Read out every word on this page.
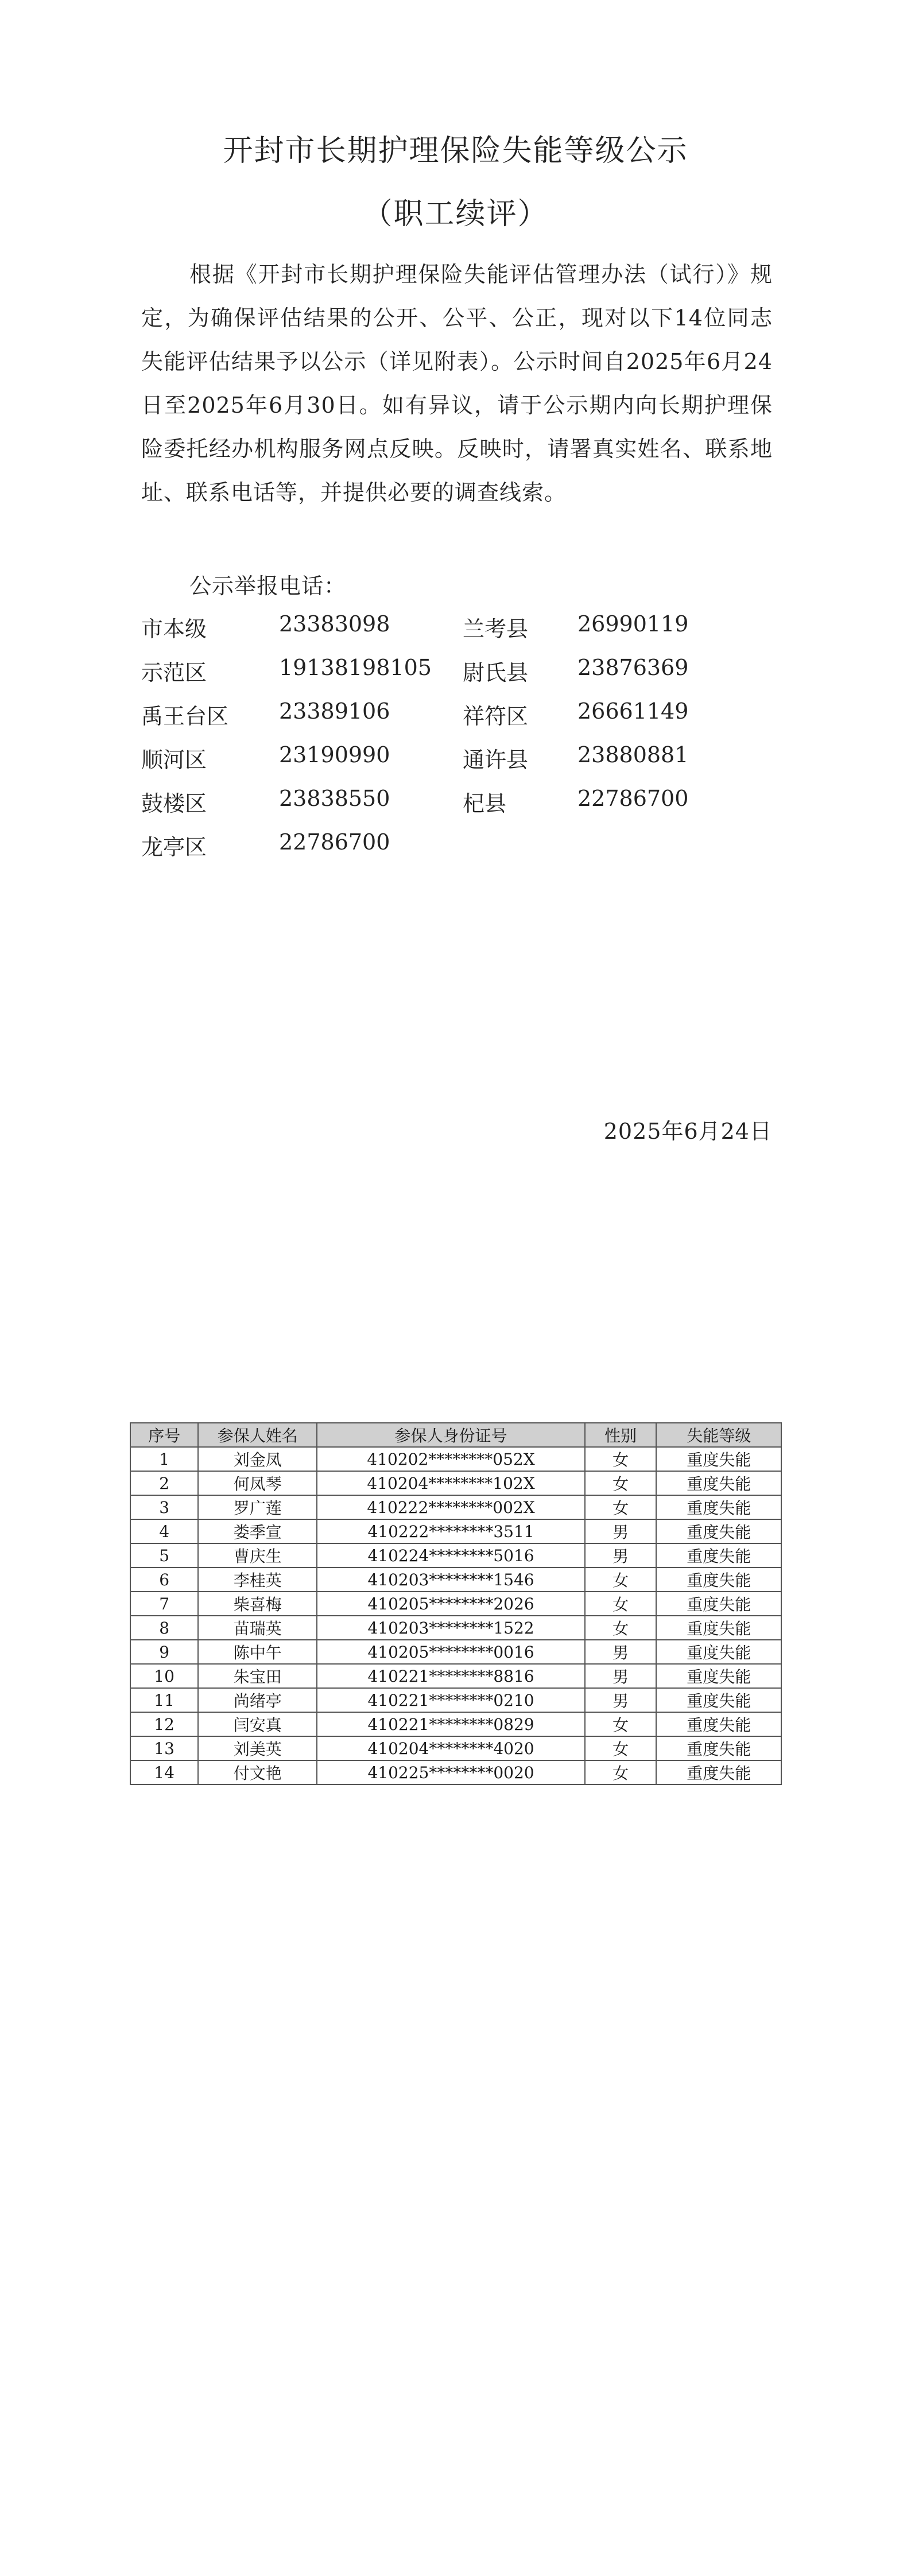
开封市长期护理保险失能等级公示
（职工续评）

根据《开封市长期护理保险失能评估管理办法（试行）》规定，为确保评估结果的公开、公平、公正，现对以下14位同志失能评估结果予以公示（详见附表）。公示时间自2025年6月24日至2025年6月30日。如有异议，请于公示期内向长期护理保险委托经办机构服务网点反映。反映时，请署真实姓名、联系地址、联系电话等，并提供必要的调查线索。

公示举报电话：
市本级	23383098	兰考县 26990119
示范区	19138198105 尉氏县 23876369
禹王台区 23389106	祥符区 26661149
顺河区	23190990	通许县 23880881
鼓楼区	23838550	杞县	22786700
龙亭区	22786700
2025年6月24日
序号	参保人姓名	参保人身份证号	性别	失能等级
1	刘金凤	410202********052X	女	重度失能
2	何凤琴	410204********102X	女	重度失能
3	罗广莲	410222********002X	女	重度失能
4	娄季宣	410222********3511	男	重度失能
5	曹庆生	410224********5016	男	重度失能
6	李桂英	410203********1546	女	重度失能
7	柴喜梅	410205********2026	女	重度失能
8	苗瑞英	410203********1522	女	重度失能
9	陈中午	410205********0016	男	重度失能
10	朱宝田	410221********8816	男	重度失能
11	尚绪亭	410221********0210	男	重度失能
12	闫安真	410221********0829	女	重度失能
13	刘美英	410204********4020	女	重度失能
14	付文艳	410225********0020	女	重度失能
